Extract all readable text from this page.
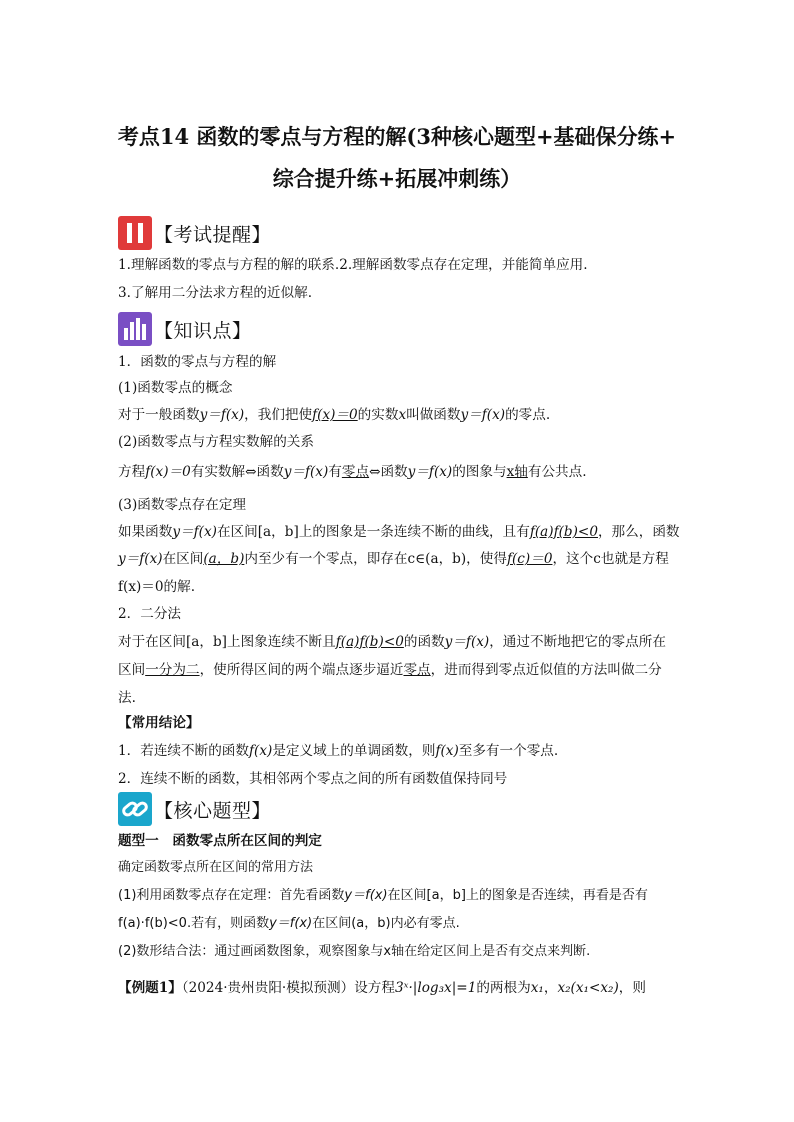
考点14 函数的零点与方程的解(3种核心题型+基础保分练+
综合提升练+拓展冲刺练）
【考试提醒】
1.理解函数的零点与方程的解的联系.2.理解函数零点存在定理，并能简单应用.
3.了解用二分法求方程的近似解.
【知识点】
1．函数的零点与方程的解
(1)函数零点的概念
对于一般函数y＝f(x)，我们把使f(x)＝0的实数x叫做函数y＝f(x)的零点.
(2)函数零点与方程实数解的关系
方程f(x)＝0有实数解⇔函数y＝f(x)有零点⇔函数y＝f(x)的图象与x轴有公共点.
(3)函数零点存在定理
如果函数y＝f(x)在区间[a，b]上的图象是一条连续不断的曲线，且有f(a)f(b)<0，那么，函数
y＝f(x)在区间(a，b)内至少有一个零点，即存在c∈(a，b)，使得f(c)＝0，这个c也就是方程
f(x)＝0的解.
2．二分法
对于在区间[a，b]上图象连续不断且f(a)f(b)<0的函数y＝f(x)，通过不断地把它的零点所在
区间一分为二，使所得区间的两个端点逐步逼近零点，进而得到零点近似值的方法叫做二分
法.
【常用结论】
1．若连续不断的函数f(x)是定义域上的单调函数，则f(x)至多有一个零点.
2．连续不断的函数，其相邻两个零点之间的所有函数值保持同号
【核心题型】
题型一　函数零点所在区间的判定
确定函数零点所在区间的常用方法
(1)利用函数零点存在定理：首先看函数y＝f(x)在区间[a，b]上的图象是否连续，再看是否有
f(a)·f(b)<0.若有，则函数y＝f(x)在区间(a，b)内必有零点.
(2)数形结合法：通过画函数图象，观察图象与x轴在给定区间上是否有交点来判断.
【例题1】（2024·贵州贵阳·模拟预测）设方程3ˣ·|log₃x|=1的两根为x₁，x₂(x₁<x₂)，则
